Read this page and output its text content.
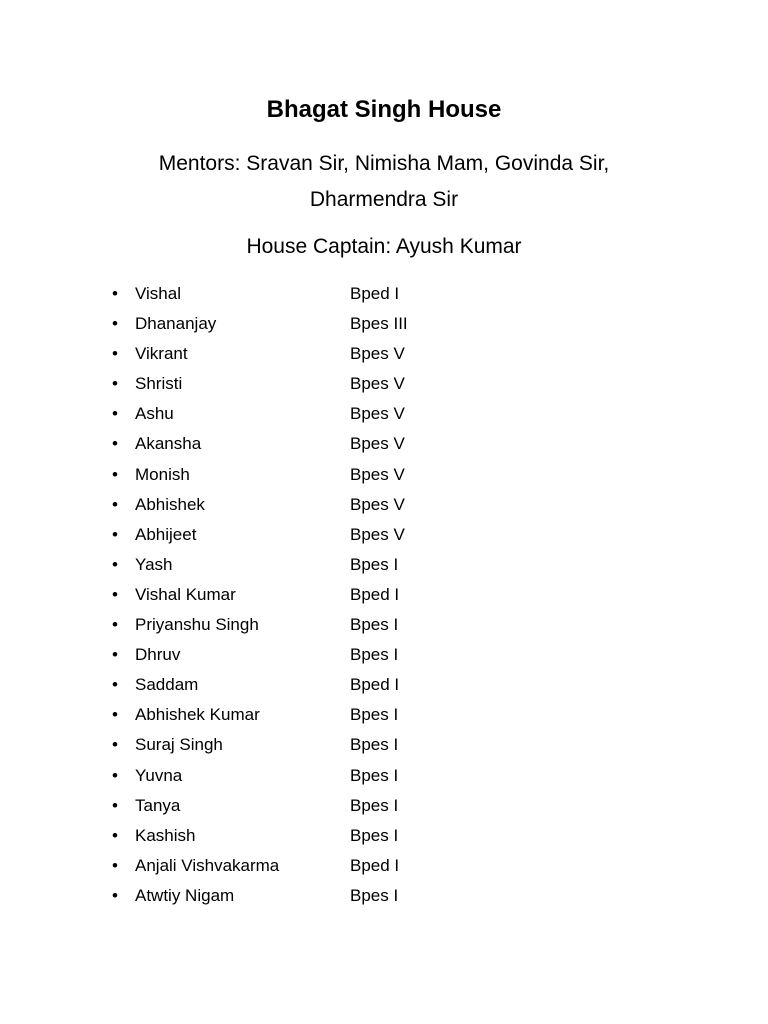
Bhagat Singh House
Mentors: Sravan Sir, Nimisha Mam, Govinda Sir, Dharmendra Sir
House Captain: Ayush Kumar
• Vishal	Bped I
• Dhananjay	Bpes III
• Vikrant	Bpes V
• Shristi	Bpes V
• Ashu	Bpes V
• Akansha	Bpes V
• Monish	Bpes V
• Abhishek	Bpes V
• Abhijeet	Bpes V
• Yash	Bpes I
• Vishal Kumar	Bped I
• Priyanshu Singh	Bpes I
• Dhruv	Bpes I
• Saddam	Bped I
• Abhishek Kumar	Bpes I
• Suraj Singh	Bpes I
• Yuvna	Bpes I
• Tanya	Bpes I
• Kashish	Bpes I
• Anjali Vishvakarma	Bped I
• Atwtiy Nigam	Bpes I
